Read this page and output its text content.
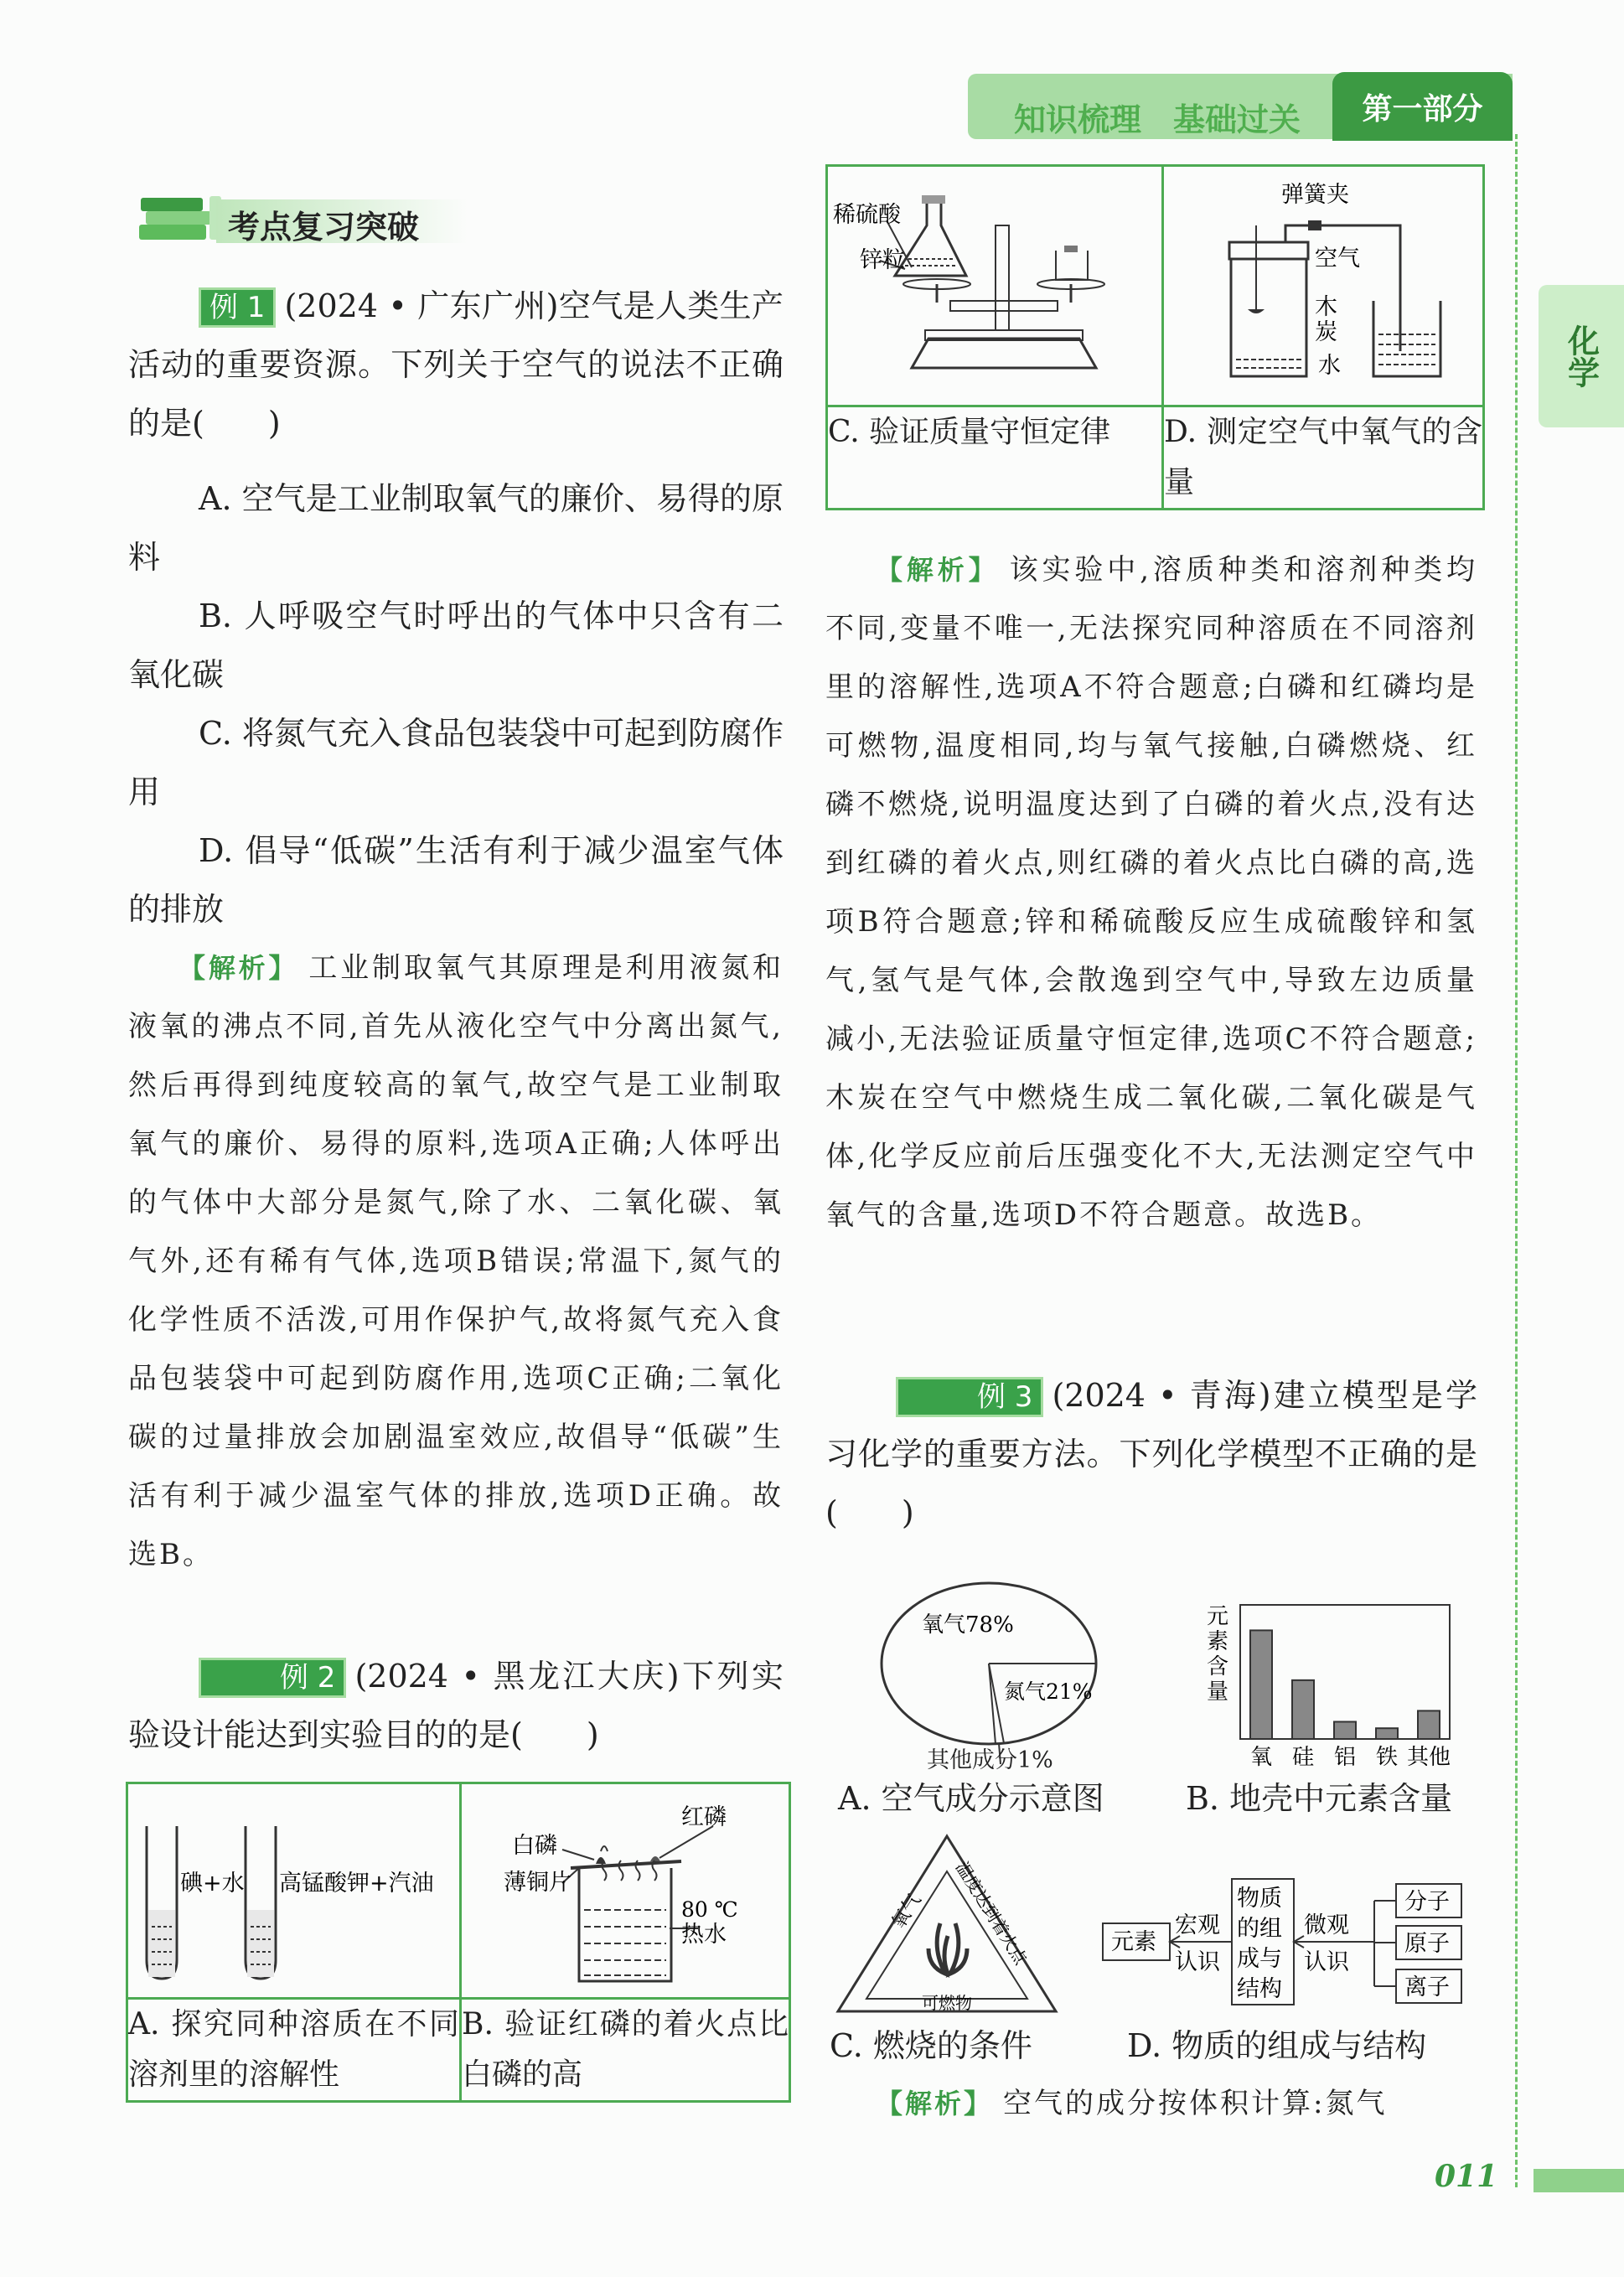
知识梳理 基础过关	第一部分
化学
考点复习突破
例 1 (2024 • 广东广州)空气是人类生产活动的重要资源。下列关于空气的说法不正确的是(　　)
A. 空气是工业制取氧气的廉价、易得的原料
B. 人呼吸空气时呼出的气体中只含有二氧化碳
C. 将氮气充入食品包装袋中可起到防腐作用
D. 倡导“低碳”生活有利于减少温室气体的排放
【解析】 工业制取氧气其原理是利用液氮和液氧的沸点不同,首先从液化空气中分离出氮气,然后再得到纯度较高的氧气,故空气是工业制取氧气的廉价、易得的原料,选项A正确;人体呼出的气体中大部分是氮气,除了水、二氧化碳、氧气外,还有稀有气体,选项B错误;常温下,氮气的化学性质不活泼,可用作保护气,故将氮气充入食品包装袋中可起到防腐作用,选项C正确;二氧化碳的过量排放会加剧温室效应,故倡导“低碳”生活有利于减少温室气体的排放,选项D正确。故选B。
例 2 (2024 • 黑龙江大庆)下列实验设计能达到实验目的的是(　　)
碘+水 高锰酸钾+汽油	红磷
白磷
薄铜片
80 ℃
热水

A. 探究同种溶质在不同溶剂里的溶解性	B. 验证红磷的着火点比白磷的高
稀硫酸
锌粒	弹簧夹
空气
木
炭
水

C. 验证质量守恒定律	D. 测定空气中氧气的含量
【解析】 该实验中,溶质种类和溶剂种类均不同,变量不唯一,无法探究同种溶质在不同溶剂里的溶解性,选项A不符合题意;白磷和红磷均是可燃物,温度相同,均与氧气接触,白磷燃烧、红磷不燃烧,说明温度达到了白磷的着火点,没有达到红磷的着火点,则红磷的着火点比白磷的高,选项B符合题意;锌和稀硫酸反应生成硫酸锌和氢气,氢气是气体,会散逸到空气中,导致左边质量减小,无法验证质量守恒定律,选项C不符合题意;木炭在空气中燃烧生成二氧化碳,二氧化碳是气体,化学反应前后压强变化不大,无法测定空气中氧气的含量,选项D不符合题意。故选B。
例 3 (2024 • 青海)建立模型是学习化学的重要方法。下列化学模型不正确的是(　　)
氧气78%
氮气21%
其他成分1%
A. 空气成分示意图
元
素
含
量
氧 硅 铝 铁 其他
B. 地壳中元素含量
氧气 温度达到着火点
可燃物
C. 燃烧的条件
元素
宏观
认识
物质
的组
成与
结构
微观
认识
分子
原子
离子
D. 物质的组成与结构
【解析】 空气的成分按体积计算:氮气
011
